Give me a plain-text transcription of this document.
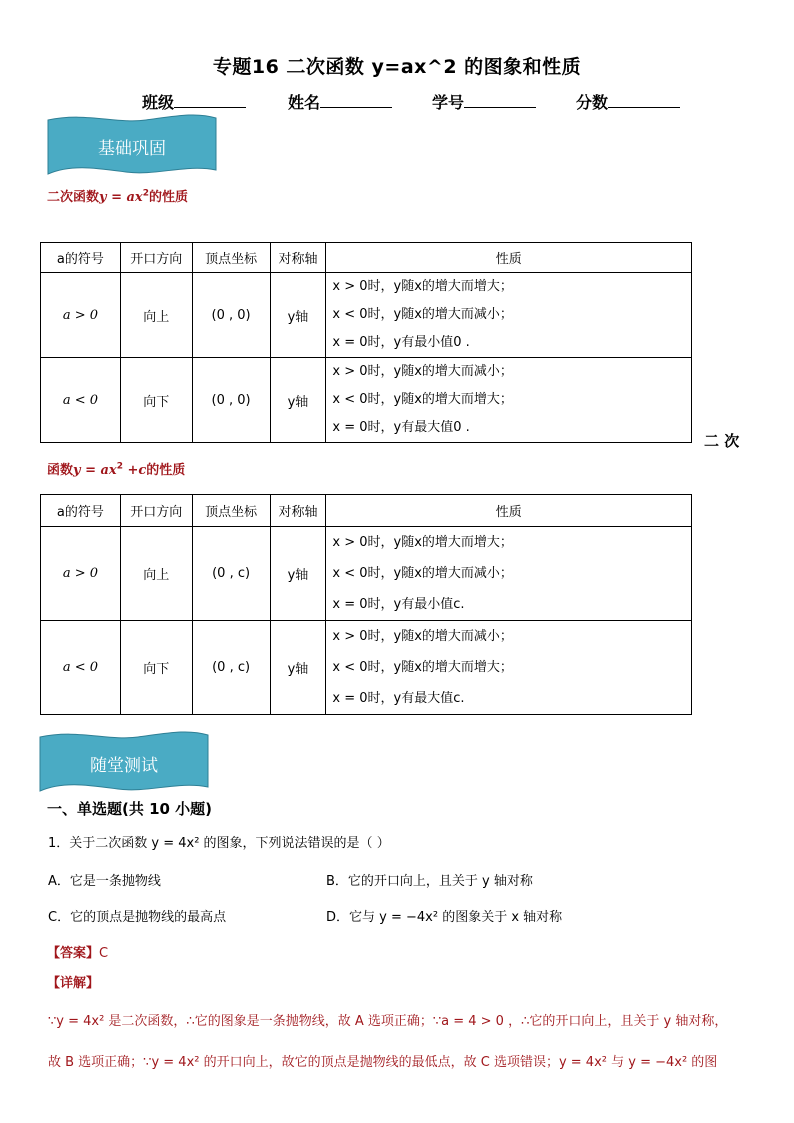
专题16 二次函数 y=ax^2 的图象和性质
班级	姓名	学号	分数
基础巩固
二次函数$y = ax^2$的性质
a的符号	开口方向	顶点坐标	对称轴	性质
a > 0	向上	(0 , 0)	y轴	x > 0时，y随x的增大而增大；
x < 0时，y随x的增大而减小；
x = 0时，y有最小值0 .

a < 0	向下	(0 , 0)	y轴	x > 0时，y随x的增大而减小；
x < 0时，y随x的增大而增大；
x = 0时，y有最大值0 .
二 次
函数$y = ax^2 +c$的性质
a的符号	开口方向	顶点坐标	对称轴	性质
a > 0	向上	(0 , c)	y轴	x > 0时，y随x的增大而增大；
x < 0时，y随x的增大而减小；
x = 0时，y有最小值c.

a < 0	向下	(0 , c)	y轴	x > 0时，y随x的增大而减小；
x < 0时，y随x的增大而增大；
x = 0时，y有最大值c.
随堂测试
一、单选题(共 10 小题)
1．关于二次函数 y = 4x² 的图象，下列说法错误的是（ ）
A．它是一条抛物线	B．它的开口向上，且关于 y 轴对称
C．它的顶点是抛物线的最高点	D．它与 y = −4x² 的图象关于 x 轴对称
【答案】C
【详解】
∵y = 4x² 是二次函数，∴它的图象是一条抛物线，故 A 选项正确；∵a = 4 > 0 ，∴它的开口向上，且关于 y 轴对称，
故 B 选项正确；∵y = 4x² 的开口向上，故它的顶点是抛物线的最低点，故 C 选项错误；y = 4x² 与 y = −4x² 的图
